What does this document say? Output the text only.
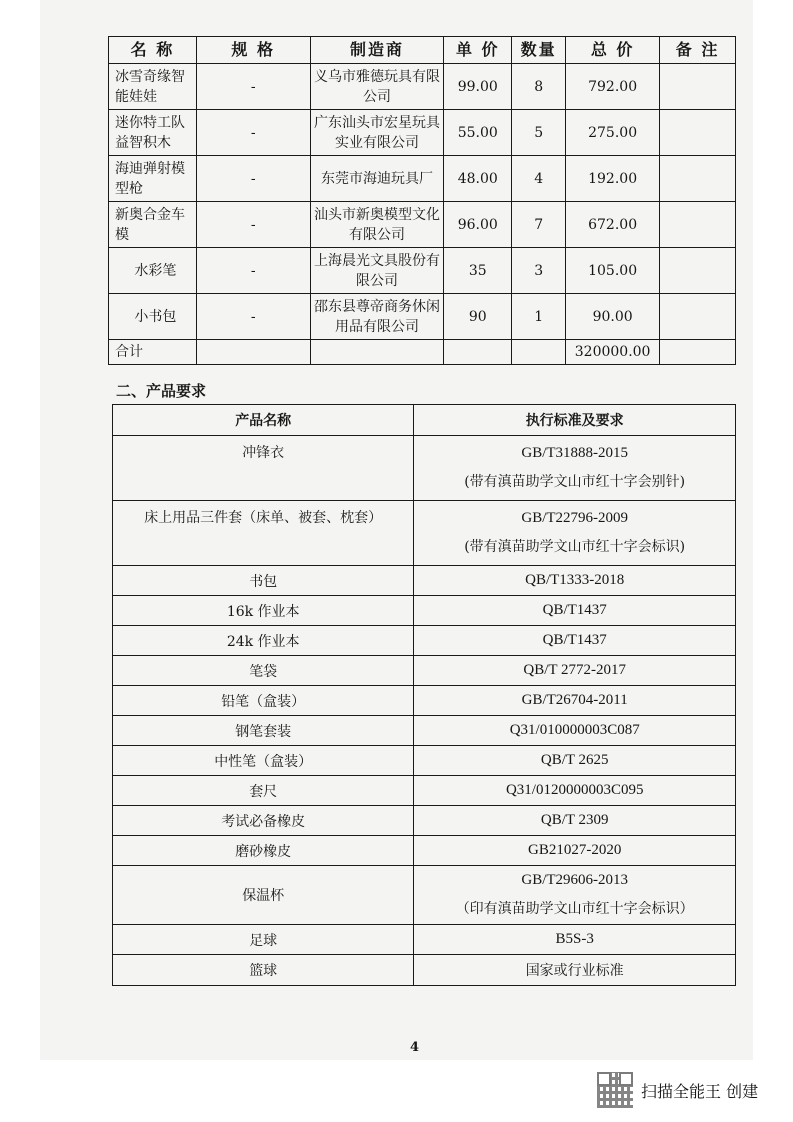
名 称	规 格	制造商	单 价	数量	总 价	备 注
冰雪奇缘智能娃娃	-	义乌市雅德玩具有限公司	99.00	8	792.00	
迷你特工队益智积木	-	广东汕头市宏星玩具实业有限公司	55.00	5	275.00	
海迪弹射模型枪	-	东莞市海迪玩具厂	48.00	4	192.00	
新奥合金车模	-	汕头市新奥模型文化有限公司	96.00	7	672.00	
水彩笔	-	上海晨光文具股份有限公司	35	3	105.00	
小书包	-	邵东县尊帝商务休闲用品有限公司	90	1	90.00	
合计					320000.00	
二、产品要求
产品名称	执行标准及要求
冲锋衣	GB/T31888-2015
(带有滇苗助学文山市红十字会别针)

床上用品三件套（床单、被套、枕套）	GB/T22796-2009
(带有滇苗助学文山市红十字会标识)

书包	QB/T1333-2018
16k 作业本	QB/T1437
24k 作业本	QB/T1437
笔袋	QB/T 2772-2017
铅笔（盒装）	GB/T26704-2011
钢笔套装	Q31/010000003C087
中性笔（盒装）	QB/T 2625
套尺	Q31/0120000003C095
考试必备橡皮	QB/T 2309
磨砂橡皮	GB21027-2020
保温杯	GB/T29606-2013
（印有滇苗助学文山市红十字会标识）

足球	B5S-3
篮球	国家或行业标准
4
扫描全能王 创建
